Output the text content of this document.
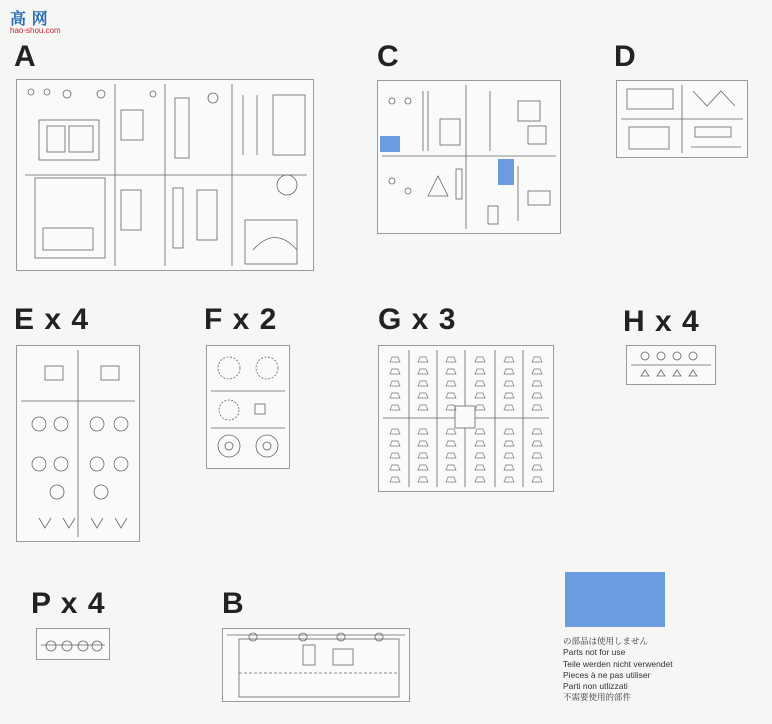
高 网
hao-shou.com
A	C	D
E x 4	F x 2	G x 3	H x 4
P x 4	B
の部品は使用しません
Parts not for use
Teile werden nicht verwendet
Pieces à ne pas utiliser
Parti non utlizzati
不需要使用的部件
